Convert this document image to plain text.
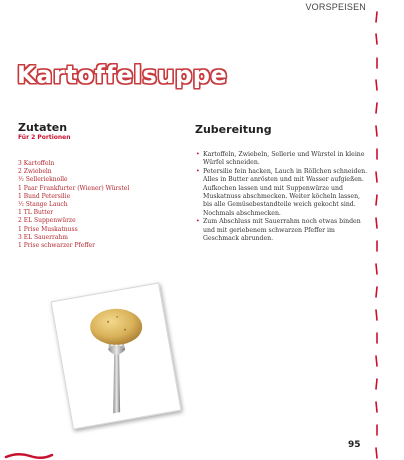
VORSPEISEN
Kartoffelsuppe
Zutaten
Für 2 Portionen
3 Kartoffeln
2 Zwiebeln
½ Sellerieknolle
1 Paar Frankfurter (Wiener) Würstel
1 Bund Petersilie
½ Stange Lauch
1 TL Butter
2 EL Suppenwürze
1 Prise Muskatnuss
3 EL Sauerrahm
1 Prise schwarzer Pfeffer
Zubereitung
• Kartoffeln, Zwiebeln, Sellerie und Würstel in kleine Würfel schneiden.
• Petersilie fein hacken, Lauch in Röllchen schneiden. Alles in Butter anrösten und mit Wasser aufgießen. Aufkochen lassen und mit Suppenwürze und Muskatnuss abschmecken. Weiter köcheln lassen, bis alle Gemüsebestandteile weich gekocht sind. Nochmals abschmecken.
• Zum Abschluss mit Sauerrahm noch etwas binden und mit geriebenem schwarzen Pfeffer im Geschmack abrunden.
95
